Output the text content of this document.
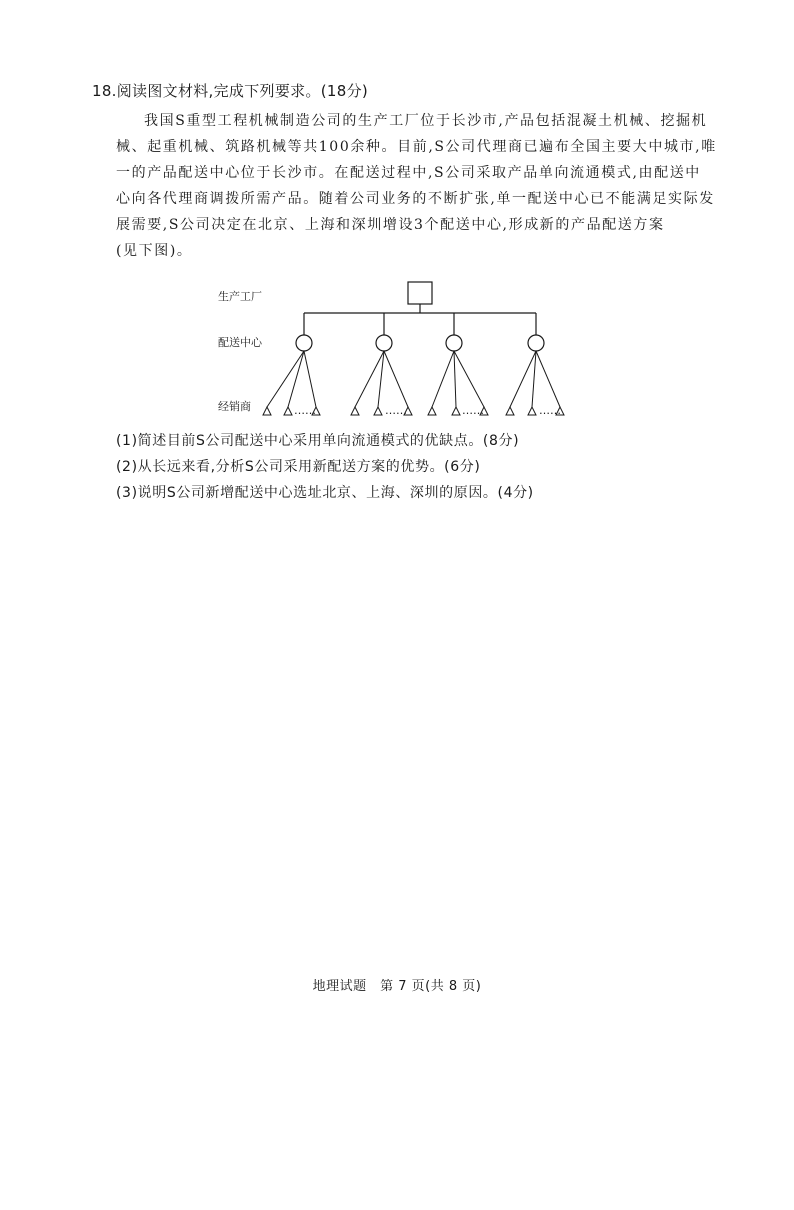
18.阅读图文材料,完成下列要求。(18分)

我国S重型工程机械制造公司的生产工厂位于长沙市,产品包括混凝土机械、挖掘机
械、起重机械、筑路机械等共100余种。目前,S公司代理商已遍布全国主要大中城市,唯
一的产品配送中心位于长沙市。在配送过程中,S公司采取产品单向流通模式,由配送中
心向各代理商调拨所需产品。随着公司业务的不断扩张,单一配送中心已不能满足实际发
展需要,S公司决定在北京、上海和深圳增设3个配送中心,形成新的产品配送方案
(见下图)。

生产工厂
配送中心
经销商	……	……	……	……
(1)简述目前S公司配送中心采用单向流通模式的优缺点。(8分)
(2)从长远来看,分析S公司采用新配送方案的优势。(6分)
(3)说明S公司新增配送中心选址北京、上海、深圳的原因。(4分)
地理试题　第 7 页(共 8 页)
